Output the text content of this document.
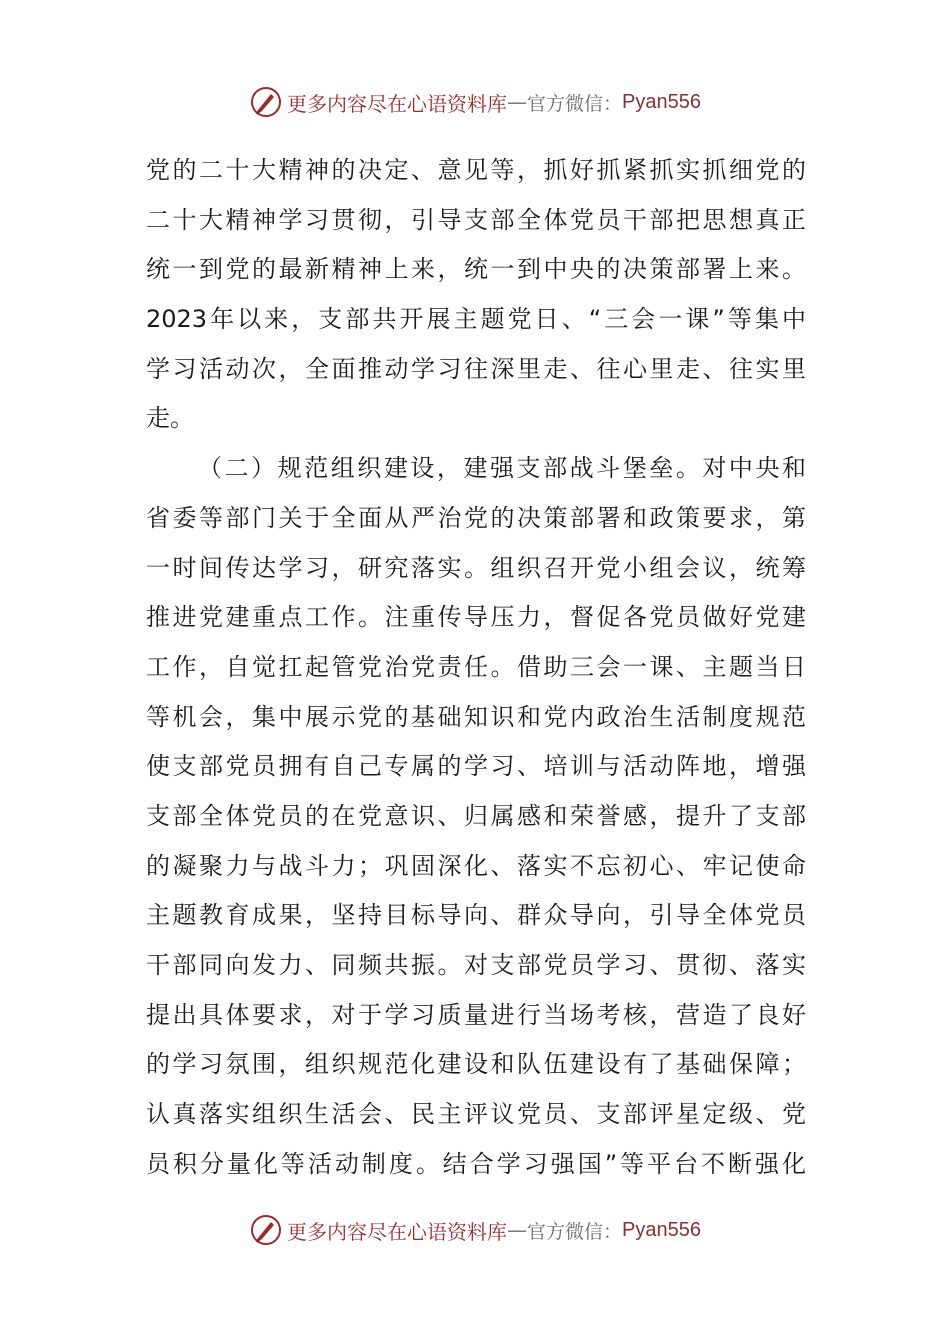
更多内容尽在心语资料库 — 官方微信： Pyan556
党的二十大精神的决定、意见等，抓好抓紧抓实抓细党的
二十大精神学习贯彻，引导支部全体党员干部把思想真正
统一到党的最新精神上来，统一到中央的决策部署上来。
2023年以来，支部共开展主题党日、“三会一课”等集中
学习活动次，全面推动学习往深里走、往心里走、往实里
走。
（二）规范组织建设，建强支部战斗堡垒。对中央和
省委等部门关于全面从严治党的决策部署和政策要求，第
一时间传达学习，研究落实。组织召开党小组会议，统筹
推进党建重点工作。注重传导压力，督促各党员做好党建
工作，自觉扛起管党治党责任。借助三会一课、主题当日
等机会，集中展示党的基础知识和党内政治生活制度规范
使支部党员拥有自己专属的学习、培训与活动阵地，增强
支部全体党员的在党意识、归属感和荣誉感，提升了支部
的凝聚力与战斗力；巩固深化、落实不忘初心、牢记使命
主题教育成果，坚持目标导向、群众导向，引导全体党员
干部同向发力、同频共振。对支部党员学习、贯彻、落实
提出具体要求，对于学习质量进行当场考核，营造了良好
的学习氛围，组织规范化建设和队伍建设有了基础保障；
认真落实组织生活会、民主评议党员、支部评星定级、党
员积分量化等活动制度。结合学习强国”等平台不断强化
更多内容尽在心语资料库 — 官方微信： Pyan556
